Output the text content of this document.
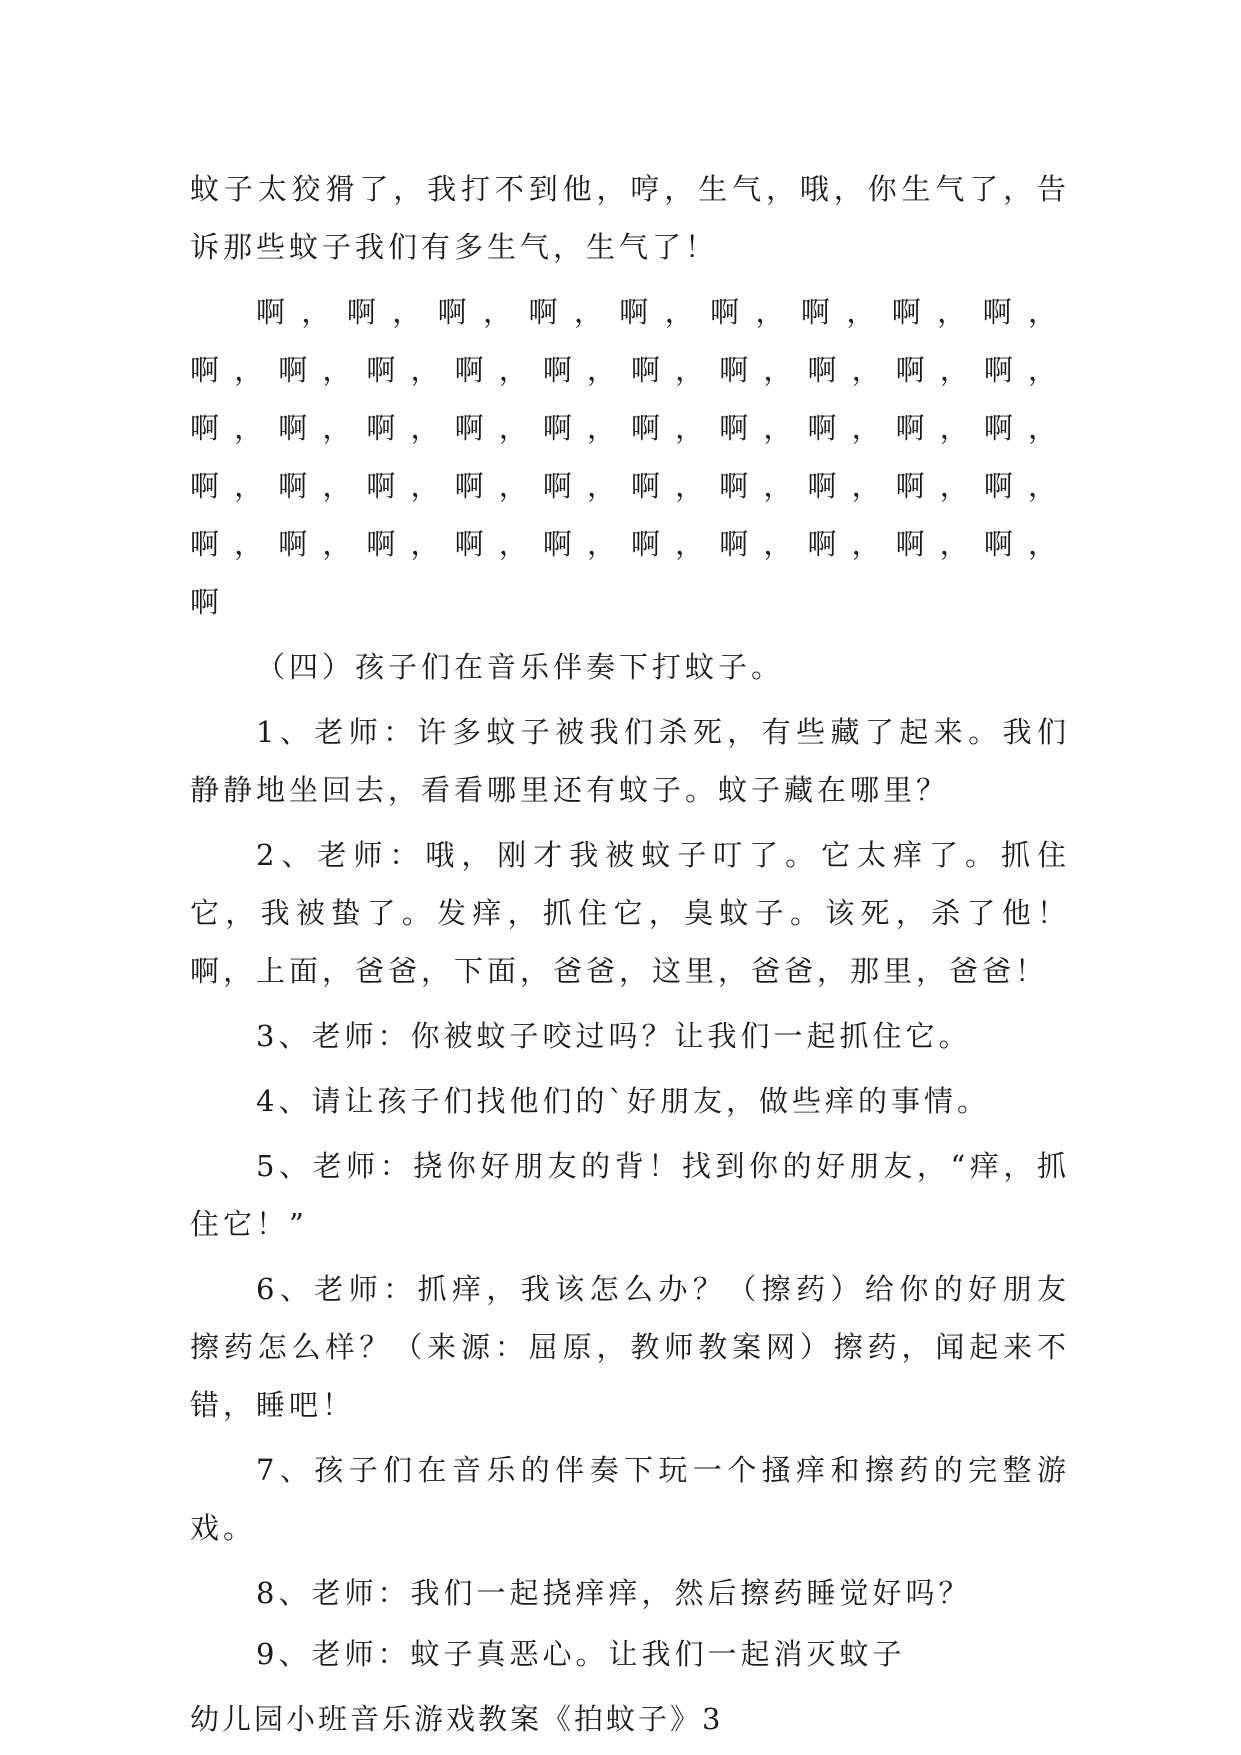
蚊子太狡猾了，我打不到他，哼，生气，哦，你生气了，告诉那些蚊子我们有多生气，生气了！

啊，啊，啊，啊，啊，啊，啊，啊，啊，啊，啊，啊，啊，啊，啊，啊，啊，啊，啊，啊，啊，啊，啊，啊，啊，啊，啊，啊，啊，啊，啊，啊，啊，啊，啊，啊，啊，啊，啊，啊，啊，啊，啊，啊，啊，啊，啊，啊，啊，啊

（四）孩子们在音乐伴奏下打蚊子。

1、老师：许多蚊子被我们杀死，有些藏了起来。我们静静地坐回去，看看哪里还有蚊子。蚊子藏在哪里？

2、老师：哦，刚才我被蚊子叮了。它太痒了。抓住它，我被蛰了。发痒，抓住它，臭蚊子。该死，杀了他！啊，上面，爸爸，下面，爸爸，这里，爸爸，那里，爸爸！

3、老师：你被蚊子咬过吗？让我们一起抓住它。

4、请让孩子们找他们的`好朋友，做些痒的事情。

5、老师：挠你好朋友的背！找到你的好朋友，“痒，抓住它！”

6、老师：抓痒，我该怎么办？（擦药）给你的好朋友擦药怎么样？（来源：屈原，教师教案网）擦药，闻起来不错，睡吧！

7、孩子们在音乐的伴奏下玩一个搔痒和擦药的完整游戏。

8、老师：我们一起挠痒痒，然后擦药睡觉好吗？

9、老师：蚊子真恶心。让我们一起消灭蚊子

幼儿园小班音乐游戏教案《拍蚊子》3
